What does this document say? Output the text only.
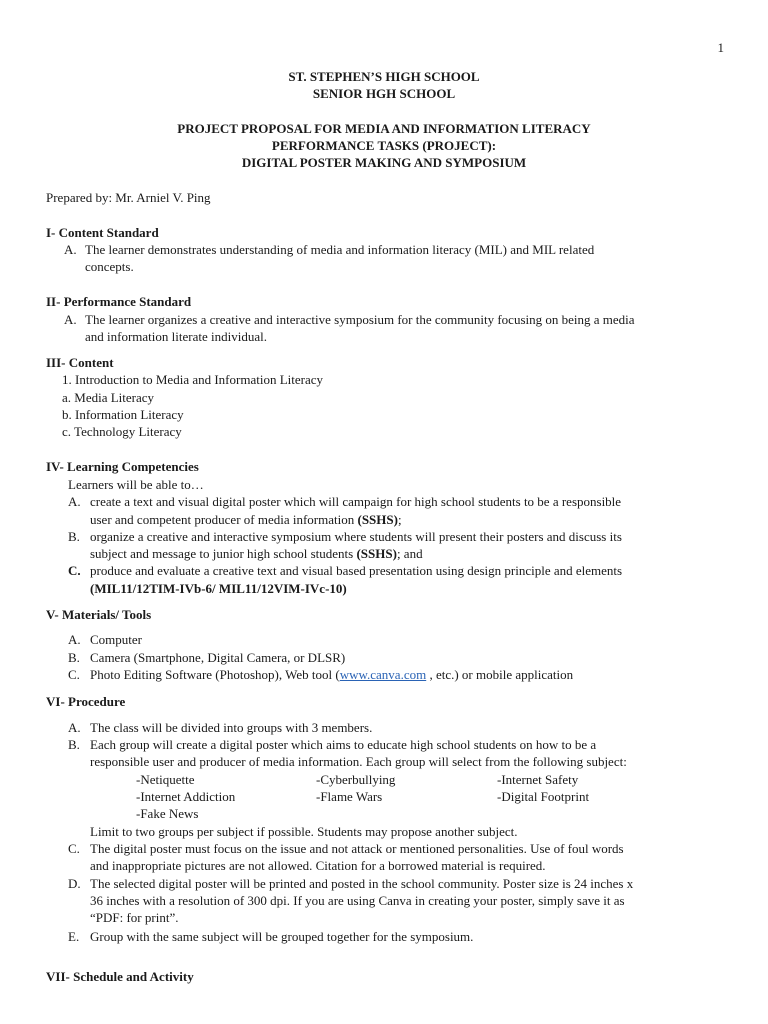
1
ST. STEPHEN’S HIGH SCHOOL
SENIOR HGH SCHOOL
PROJECT PROPOSAL FOR MEDIA AND INFORMATION LITERACY
PERFORMANCE TASKS (PROJECT):
DIGITAL POSTER MAKING AND SYMPOSIUM
Prepared by: Mr. Arniel V. Ping
I- Content Standard
A. The learner demonstrates understanding of media and information literacy (MIL) and MIL related
concepts.
II- Performance Standard
A. The learner organizes a creative and interactive symposium for the community focusing on being a media
and information literate individual.
III- Content
1. Introduction to Media and Information Literacy
a. Media Literacy
b. Information Literacy
c. Technology Literacy
IV- Learning Competencies
Learners will be able to…
A. create a text and visual digital poster which will campaign for high school students to be a responsible
user and competent producer of media information (SSHS);
B. organize a creative and interactive symposium where students will present their posters and discuss its
subject and message to junior high school students (SSHS); and
C. produce and evaluate a creative text and visual based presentation using design principle and elements
(MIL11/12TIM-IVb-6/ MIL11/12VIM-IVc-10)
V- Materials/ Tools
A. Computer
B. Camera (Smartphone, Digital Camera, or DLSR)
C. Photo Editing Software (Photoshop), Web tool (www.canva.com , etc.) or mobile application
VI- Procedure
A. The class will be divided into groups with 3 members.
B. Each group will create a digital poster which aims to educate high school students on how to be a
responsible user and producer of media information. Each group will select from the following subject:
-Netiquette	-Cyberbullying	-Internet Safety
-Internet Addiction	-Flame Wars	-Digital Footprint
-Fake News
Limit to two groups per subject if possible. Students may propose another subject.
C. The digital poster must focus on the issue and not attack or mentioned personalities. Use of foul words
and inappropriate pictures are not allowed. Citation for a borrowed material is required.
D. The selected digital poster will be printed and posted in the school community. Poster size is 24 inches x
36 inches with a resolution of 300 dpi. If you are using Canva in creating your poster, simply save it as
“PDF: for print”.
E. Group with the same subject will be grouped together for the symposium.
VII- Schedule and Activity
